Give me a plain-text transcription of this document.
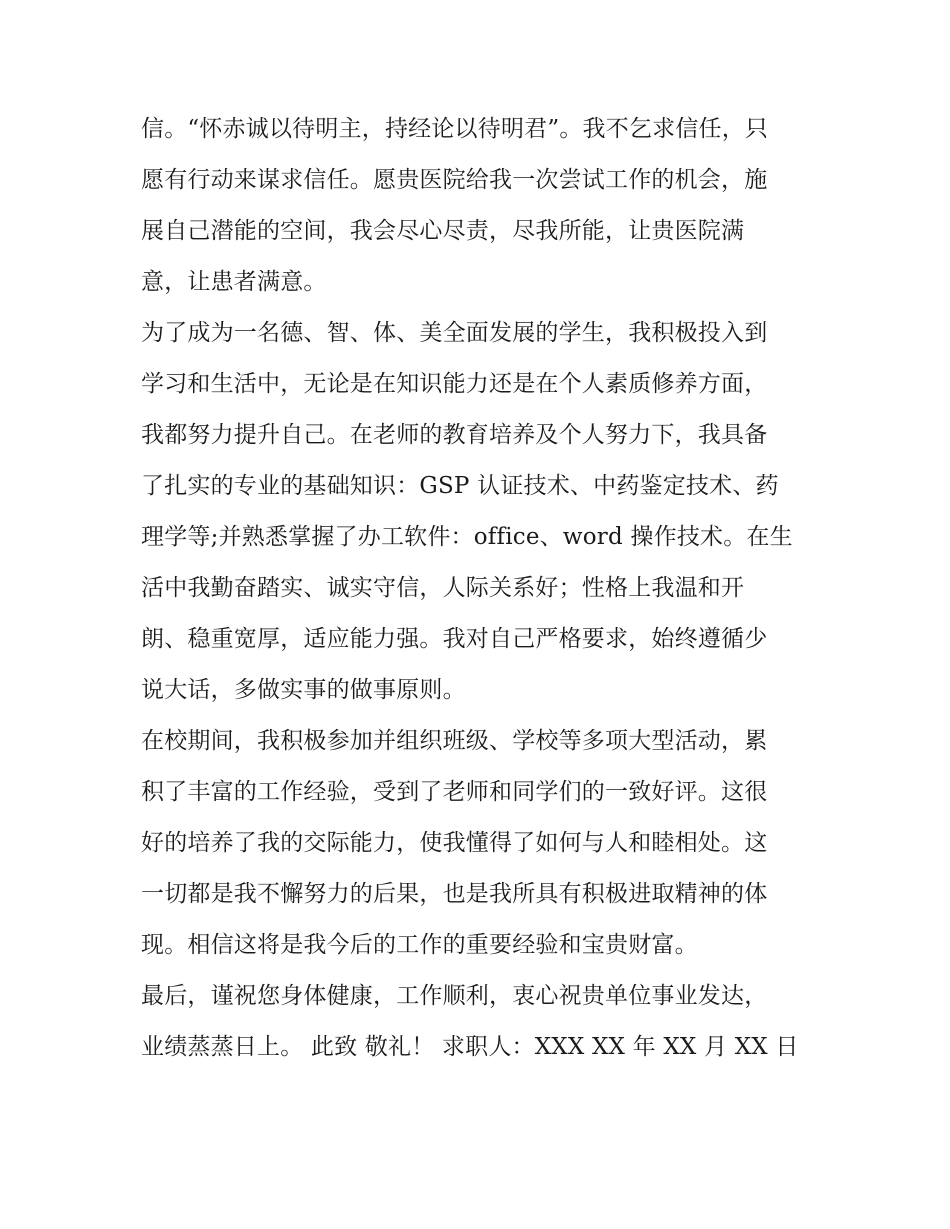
信。“怀赤诚以待明主，持经论以待明君”。我不乞求信任，只
愿有行动来谋求信任。愿贵医院给我一次尝试工作的机会，施
展自己潜能的空间，我会尽心尽责，尽我所能，让贵医院满
意，让患者满意。
为了成为一名德、智、体、美全面发展的学生，我积极投入到
学习和生活中，无论是在知识能力还是在个人素质修养方面，
我都努力提升自己。在老师的教育培养及个人努力下，我具备
了扎实的专业的基础知识：GSP 认证技术、中药鉴定技术、药
理学等;并熟悉掌握了办工软件：office、word 操作技术。在生
活中我勤奋踏实、诚实守信，人际关系好；性格上我温和开
朗、稳重宽厚，适应能力强。我对自己严格要求，始终遵循少
说大话，多做实事的做事原则。
在校期间，我积极参加并组织班级、学校等多项大型活动，累
积了丰富的工作经验，受到了老师和同学们的一致好评。这很
好的培养了我的交际能力，使我懂得了如何与人和睦相处。这
一切都是我不懈努力的后果，也是我所具有积极进取精神的体
现。相信这将是我今后的工作的重要经验和宝贵财富。
最后，谨祝您身体健康，工作顺利，衷心祝贵单位事业发达，
业绩蒸蒸日上。 此致 敬礼！ 求职人：XXX XX 年 XX 月 XX 日
